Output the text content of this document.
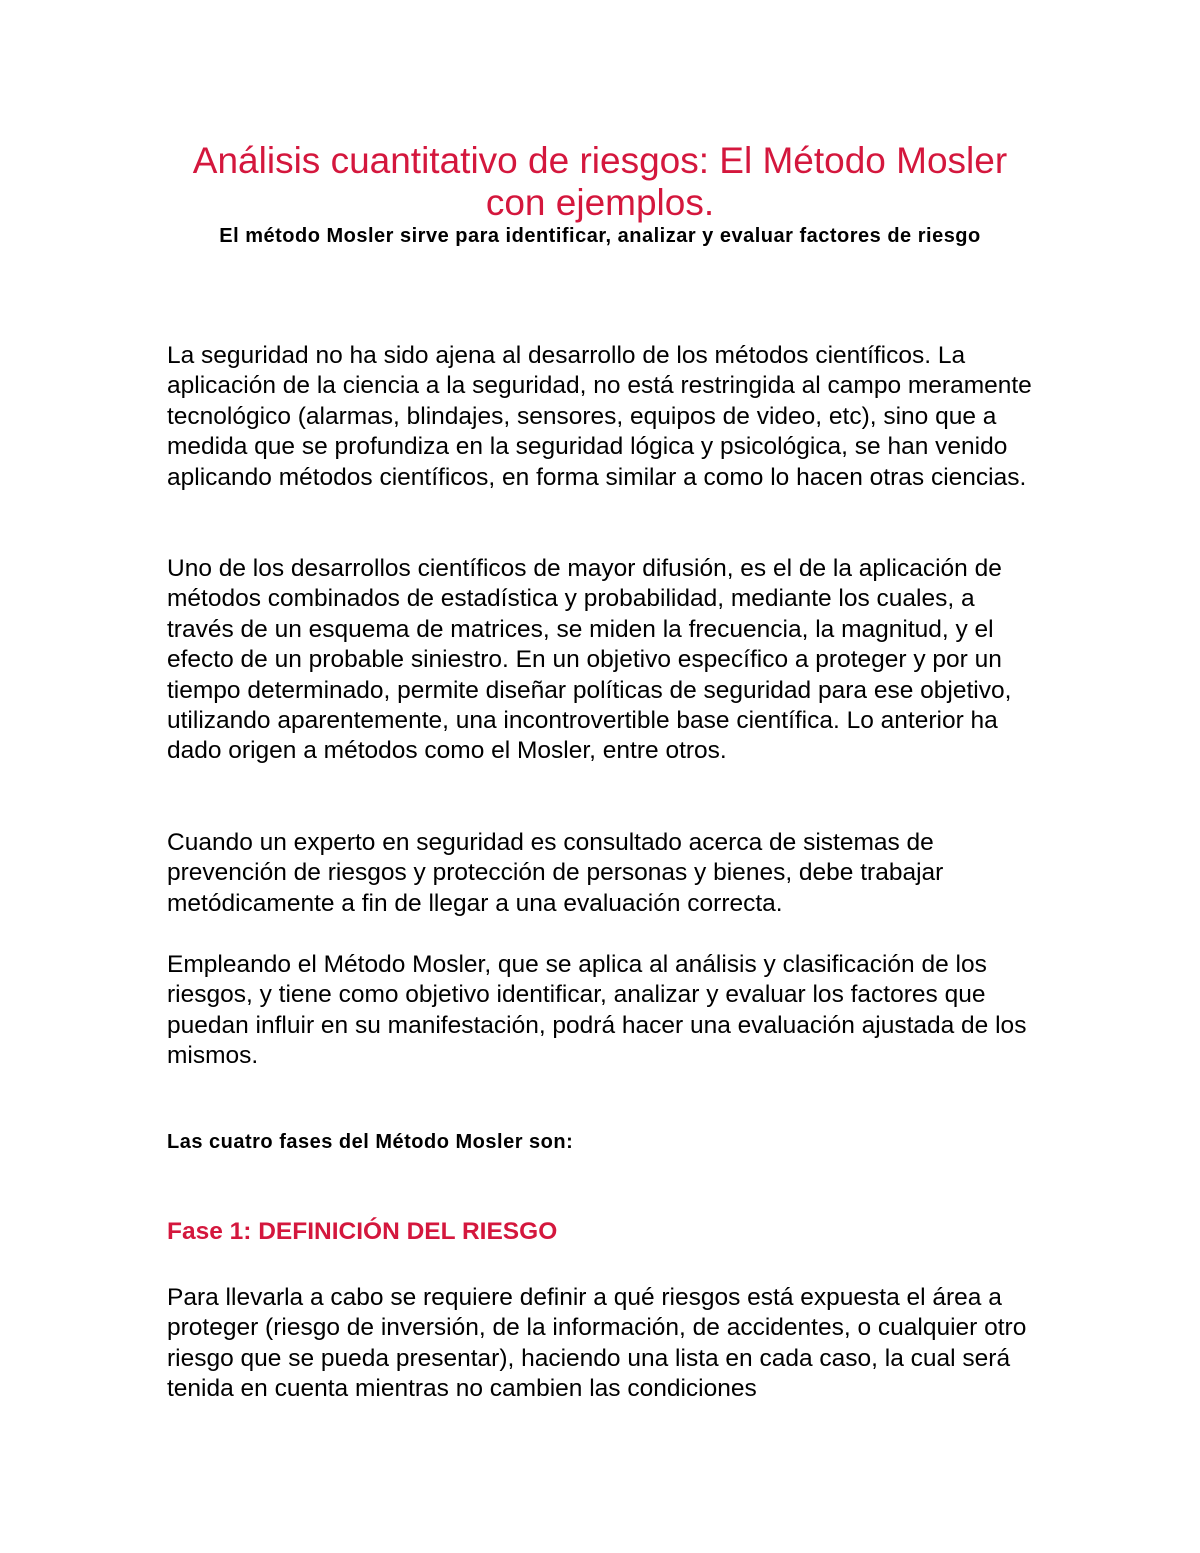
Análisis cuantitativo de riesgos: El Método Mosler
con ejemplos.

El método Mosler sirve para identificar, analizar y evaluar factores de riesgo

La seguridad no ha sido ajena al desarrollo de los métodos científicos. La aplicación de la ciencia a la seguridad, no está restringida al campo meramente tecnológico (alarmas, blindajes, sensores, equipos de video, etc), sino que a medida que se profundiza en la seguridad lógica y psicológica, se han venido aplicando métodos científicos, en forma similar a como lo hacen otras ciencias.

Uno de los desarrollos científicos de mayor difusión, es el de la aplicación de métodos combinados de estadística y probabilidad, mediante los cuales, a través de un esquema de matrices, se miden la frecuencia, la magnitud, y el efecto de un probable siniestro. En un objetivo específico a proteger y por un tiempo determinado, permite diseñar políticas de seguridad para ese objetivo, utilizando aparentemente, una incontrovertible base científica. Lo anterior ha dado origen a métodos como el Mosler, entre otros.

Cuando un experto en seguridad es consultado acerca de sistemas de prevención de riesgos y protección de personas y bienes, debe trabajar metódicamente a fin de llegar a una evaluación correcta.

Empleando el Método Mosler, que se aplica al análisis y clasificación de los riesgos, y tiene como objetivo identificar, analizar y evaluar los factores que puedan influir en su manifestación, podrá hacer una evaluación ajustada de los mismos.

Las cuatro fases del Método Mosler son:

Fase 1: DEFINICIÓN DEL RIESGO

Para llevarla a cabo se requiere definir a qué riesgos está expuesta el área a proteger (riesgo de inversión, de la información, de accidentes, o cualquier otro riesgo que se pueda presentar), haciendo una lista en cada caso, la cual será tenida en cuenta mientras no cambien las condiciones
